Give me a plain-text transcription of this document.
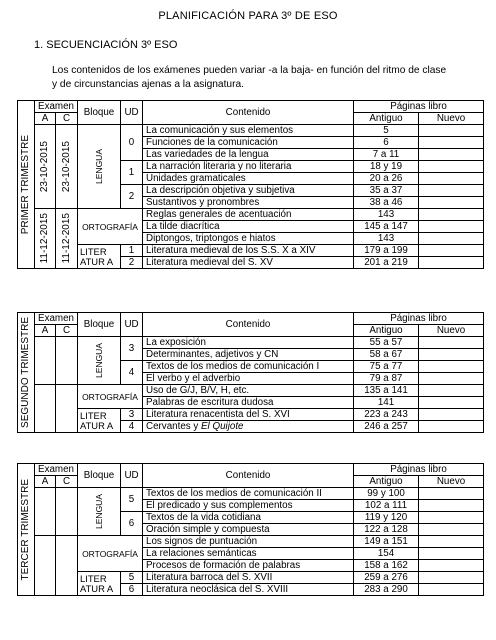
PLANIFICACIÓN PARA 3º DE ESO
1. SECUENCIACIÓN 3º ESO
Los contenidos de los exámenes pueden variar -a la baja- en función del ritmo de clase y de circunstancias ajenas a la asignatura.
PRIMER TRIMESTRE	Examen		Bloque	UD	Contenido	Páginas libro	
	A	C				Antiguo	Nuevo

	23-10-2015	23-10-2015	LENGUA	0	La comunicación y sus elementos	5	
					Funciones de la comunicación	6	
					Las variedades de la lengua	7 a 11	
				1	La narración literaria y no literaria	18 y 19	
					Unidades gramaticales	20 a 26	
				2	La descripción objetiva y subjetiva	35 a 37	
					Sustantivos y pronombres	38 a 46	

	11-12-2015	11-12-2015	ORTOGRAFÍA		Reglas generales de acentuación	143	
					La tilde diacrítica	145 a 147	
					Diptongos, triptongos e hiatos	143	
			LITER ATUR A	1	Literatura medieval de los S.S. X a XIV	179 a 199	

				2	Literatura medieval del S. XV	201 a 219	

SEGUNDO TRIMESTRE	Examen		Bloque	UD	Contenido	Páginas libro	
	A	C				Antiguo	Nuevo

			LENGUA	3	La exposición	55 a 57	
					Determinantes, adjetivos y CN	58 a 67	
				4	Textos de los medios de comunicación I	75 a 77	
					El verbo y el adverbio	79 a 87	
			ORTOGRAFÍA		Uso de G/J, B/V, H, etc.	135 a 141	
					Palabras de escritura dudosa	141	
			LITER ATUR A	3	Literatura renacentista del S. XVI	223 a 243	

				4	Cervantes y El Quijote	246 a 257	

TERCER TRIMESTRE	Examen		Bloque	UD	Contenido	Páginas libro	
	A	C				Antiguo	Nuevo

			LENGUA	5	Textos de los medios de comunicación II	99 y 100	
					El predicado y sus complementos	102 a 111	
				6	Textos de la vida cotidiana	119 y 120	
					Oración simple y compuesta	122 a 128	
			ORTOGRAFÍA		Los signos de puntuación	149 a 151	
					La relaciones semánticas	154	
					Procesos de formación de palabras	158 a 162	
			LITER ATUR A	5	Literatura barroca del S. XVII	259 a 276	

				6	Literatura neoclásica del S. XVIII	283 a 290	
